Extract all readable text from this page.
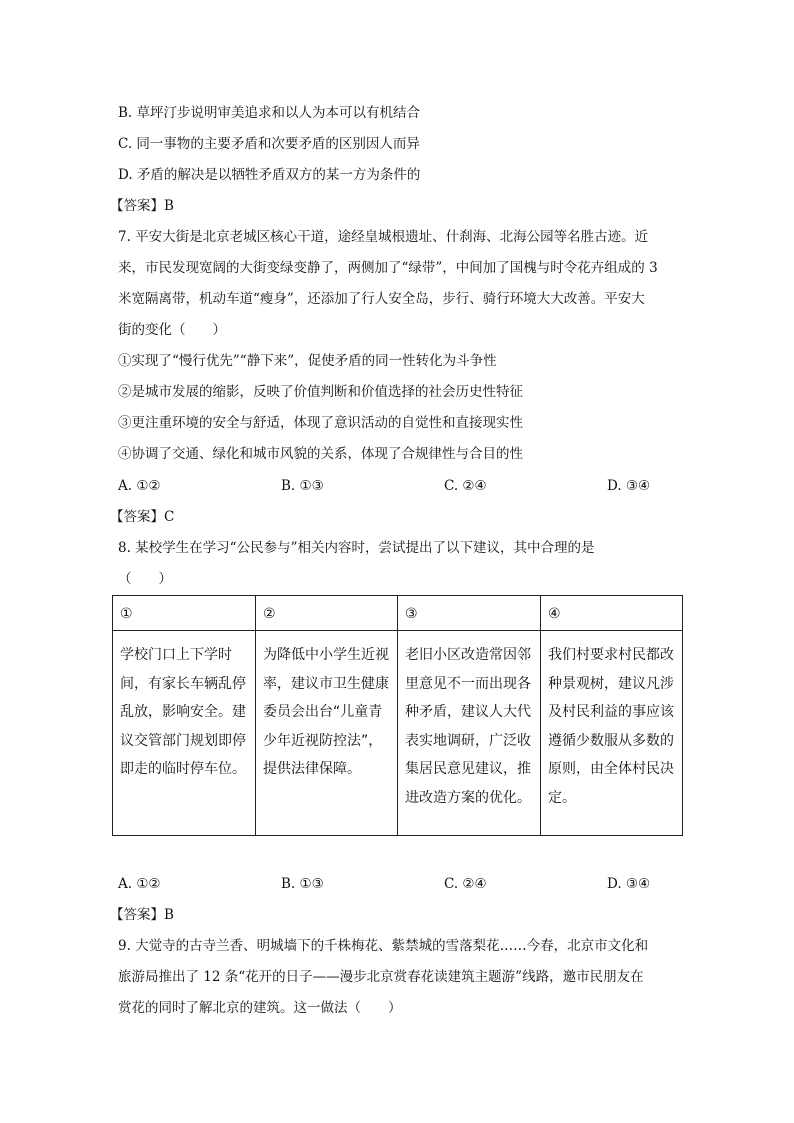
B. 草坪汀步说明审美追求和以人为本可以有机结合
C. 同一事物的主要矛盾和次要矛盾的区别因人而异
D. 矛盾的解决是以牺牲矛盾双方的某一方为条件的
【答案】B
7. 平安大街是北京老城区核心干道，途经皇城根遗址、什刹海、北海公园等名胜古迹。近
来，市民发现宽阔的大街变绿变静了，两侧加了“绿带”，中间加了国槐与时令花卉组成的 3
米宽隔离带，机动车道“瘦身”，还添加了行人安全岛，步行、骑行环境大大改善。平安大
街的变化（　　）
①实现了“慢行优先”“静下来”，促使矛盾的同一性转化为斗争性
②是城市发展的缩影，反映了价值判断和价值选择的社会历史性特征
③更注重环境的安全与舒适，体现了意识活动的自觉性和直接现实性
④协调了交通、绿化和城市风貌的关系，体现了合规律性与合目的性
A. ①②	B. ①③	C. ②④	D. ③④
【答案】C
8. 某校学生在学习“公民参与”相关内容时，尝试提出了以下建议，其中合理的是
（　　）
①	②	③	④
学校门口上下学时间，有家长车辆乱停乱放，影响安全。建议交管部门规划即停即走的临时停车位。	为降低中小学生近视率，建议市卫生健康委员会出台“儿童青少年近视防控法”，提供法律保障。	老旧小区改造常因邻里意见不一而出现各种矛盾，建议人大代表实地调研，广泛收集居民意见建议，推进改造方案的优化。	我们村要求村民都改种景观树，建议凡涉及村民利益的事应该遵循少数服从多数的原则，由全体村民决定。
A. ①②	B. ①③	C. ②④	D. ③④
【答案】B
9. 大觉寺的古寺兰香、明城墙下的千株梅花、紫禁城的雪落梨花……今春，北京市文化和
旅游局推出了 12 条“花开的日子——漫步北京赏春花读建筑主题游”线路，邀市民朋友在
赏花的同时了解北京的建筑。这一做法（　　）
